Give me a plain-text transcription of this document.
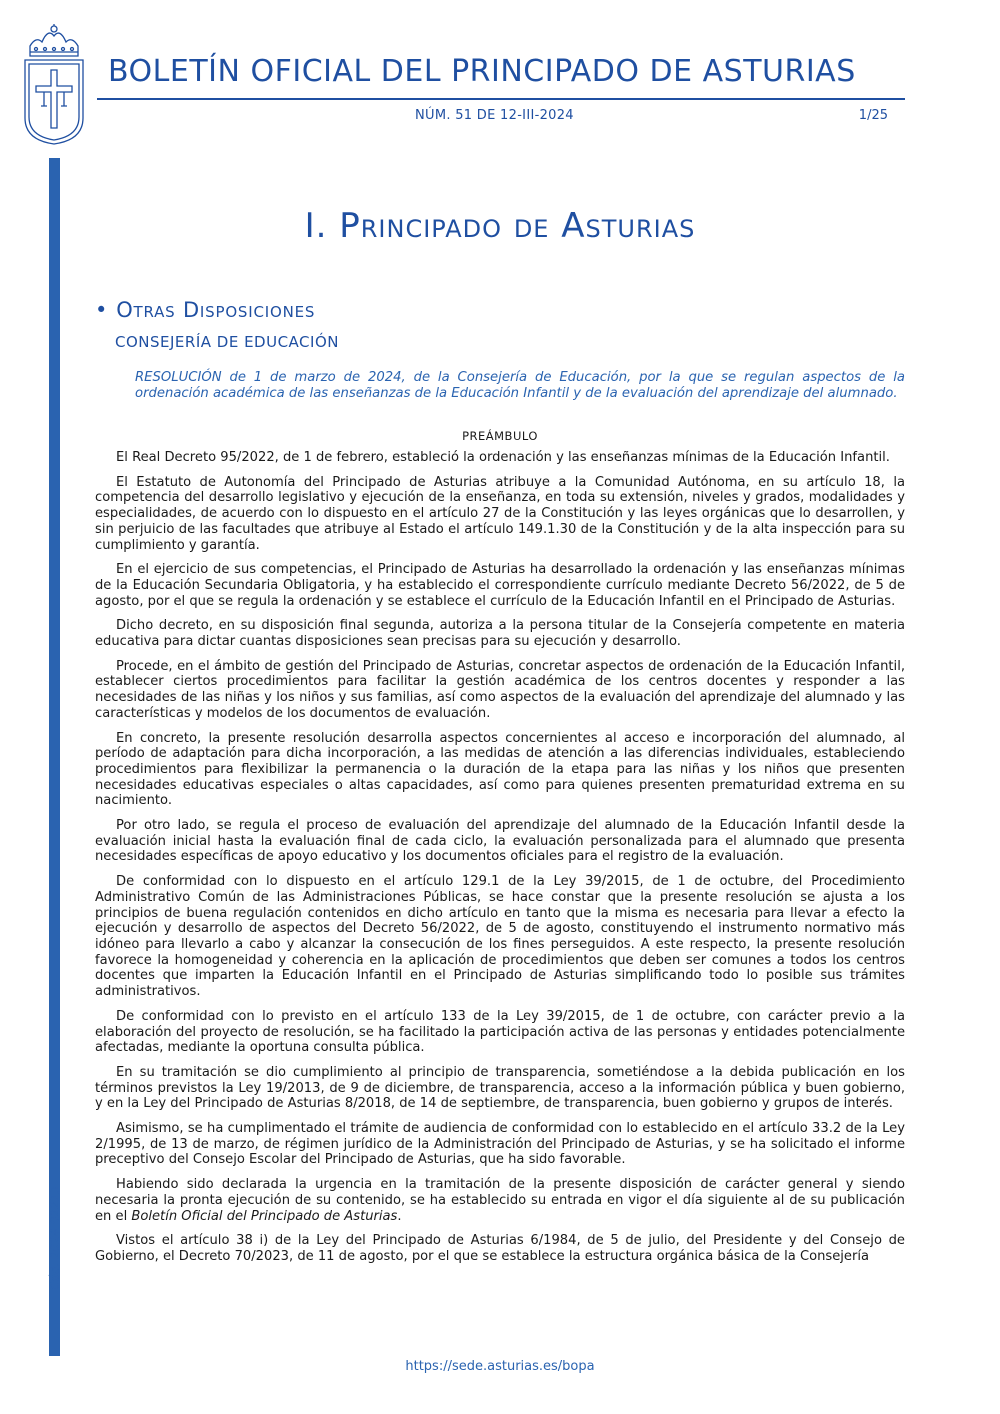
BOLETÍN OFICIAL DEL PRINCIPADO DE ASTURIAS
NÚM. 51 DE 12-III-2024	1/25
Cód. 2024-02213
I. Principado de Asturias
• Otras Disposiciones
CONSEJERÍA DE EDUCACIÓN
RESOLUCIÓN de 1 de marzo de 2024, de la Consejería de Educación, por la que se regulan aspectos de la ordenación académica de las enseñanzas de la Educación Infantil y de la evaluación del aprendizaje del alumnado.
PREÁMBULO

El Real Decreto 95/2022, de 1 de febrero, estableció la ordenación y las enseñanzas mínimas de la Educación Infantil.

El Estatuto de Autonomía del Principado de Asturias atribuye a la Comunidad Autónoma, en su artículo 18, la competencia del desarrollo legislativo y ejecución de la enseñanza, en toda su extensión, niveles y grados, modalidades y especialidades, de acuerdo con lo dispuesto en el artículo 27 de la Constitución y las leyes orgánicas que lo desarrollen, y sin perjuicio de las facultades que atribuye al Estado el artículo 149.1.30 de la Constitución y de la alta inspección para su cumplimiento y garantía.

En el ejercicio de sus competencias, el Principado de Asturias ha desarrollado la ordenación y las enseñanzas mínimas de la Educación Secundaria Obligatoria, y ha establecido el correspondiente currículo mediante Decreto 56/2022, de 5 de agosto, por el que se regula la ordenación y se establece el currículo de la Educación Infantil en el Principado de Asturias.

Dicho decreto, en su disposición final segunda, autoriza a la persona titular de la Consejería competente en materia educativa para dictar cuantas disposiciones sean precisas para su ejecución y desarrollo.

Procede, en el ámbito de gestión del Principado de Asturias, concretar aspectos de ordenación de la Educación Infantil, establecer ciertos procedimientos para facilitar la gestión académica de los centros docentes y responder a las necesidades de las niñas y los niños y sus familias, así como aspectos de la evaluación del aprendizaje del alumnado y las características y modelos de los documentos de evaluación.

En concreto, la presente resolución desarrolla aspectos concernientes al acceso e incorporación del alumnado, al período de adaptación para dicha incorporación, a las medidas de atención a las diferencias individuales, estableciendo procedimientos para flexibilizar la permanencia o la duración de la etapa para las niñas y los niños que presenten necesidades educativas especiales o altas capacidades, así como para quienes presenten prematuridad extrema en su nacimiento.

Por otro lado, se regula el proceso de evaluación del aprendizaje del alumnado de la Educación Infantil desde la evaluación inicial hasta la evaluación final de cada ciclo, la evaluación personalizada para el alumnado que presenta necesidades específicas de apoyo educativo y los documentos oficiales para el registro de la evaluación.

De conformidad con lo dispuesto en el artículo 129.1 de la Ley 39/2015, de 1 de octubre, del Procedimiento Administrativo Común de las Administraciones Públicas, se hace constar que la presente resolución se ajusta a los principios de buena regulación contenidos en dicho artículo en tanto que la misma es necesaria para llevar a efecto la ejecución y desarrollo de aspectos del Decreto 56/2022, de 5 de agosto, constituyendo el instrumento normativo más idóneo para llevarlo a cabo y alcanzar la consecución de los fines perseguidos. A este respecto, la presente resolución favorece la homogeneidad y coherencia en la aplicación de procedimientos que deben ser comunes a todos los centros docentes que imparten la Educación Infantil en el Principado de Asturias simplificando todo lo posible sus trámites administrativos.

De conformidad con lo previsto en el artículo 133 de la Ley 39/2015, de 1 de octubre, con carácter previo a la elaboración del proyecto de resolución, se ha facilitado la participación activa de las personas y entidades potencialmente afectadas, mediante la oportuna consulta pública.

En su tramitación se dio cumplimiento al principio de transparencia, sometiéndose a la debida publicación en los términos previstos la Ley 19/2013, de 9 de diciembre, de transparencia, acceso a la información pública y buen gobierno, y en la Ley del Principado de Asturias 8/2018, de 14 de septiembre, de transparencia, buen gobierno y grupos de interés.

Asimismo, se ha cumplimentado el trámite de audiencia de conformidad con lo establecido en el artículo 33.2 de la Ley 2/1995, de 13 de marzo, de régimen jurídico de la Administración del Principado de Asturias, y se ha solicitado el informe preceptivo del Consejo Escolar del Principado de Asturias, que ha sido favorable.

Habiendo sido declarada la urgencia en la tramitación de la presente disposición de carácter general y siendo necesaria la pronta ejecución de su contenido, se ha establecido su entrada en vigor el día siguiente al de su publicación en el Boletín Oficial del Principado de Asturias.

Vistos el artículo 38 i) de la Ley del Principado de Asturias 6/1984, de 5 de julio, del Presidente y del Consejo de Gobierno, el Decreto 70/2023, de 11 de agosto, por el que se establece la estructura orgánica básica de la Consejería

https://sede.asturias.es/bopa
